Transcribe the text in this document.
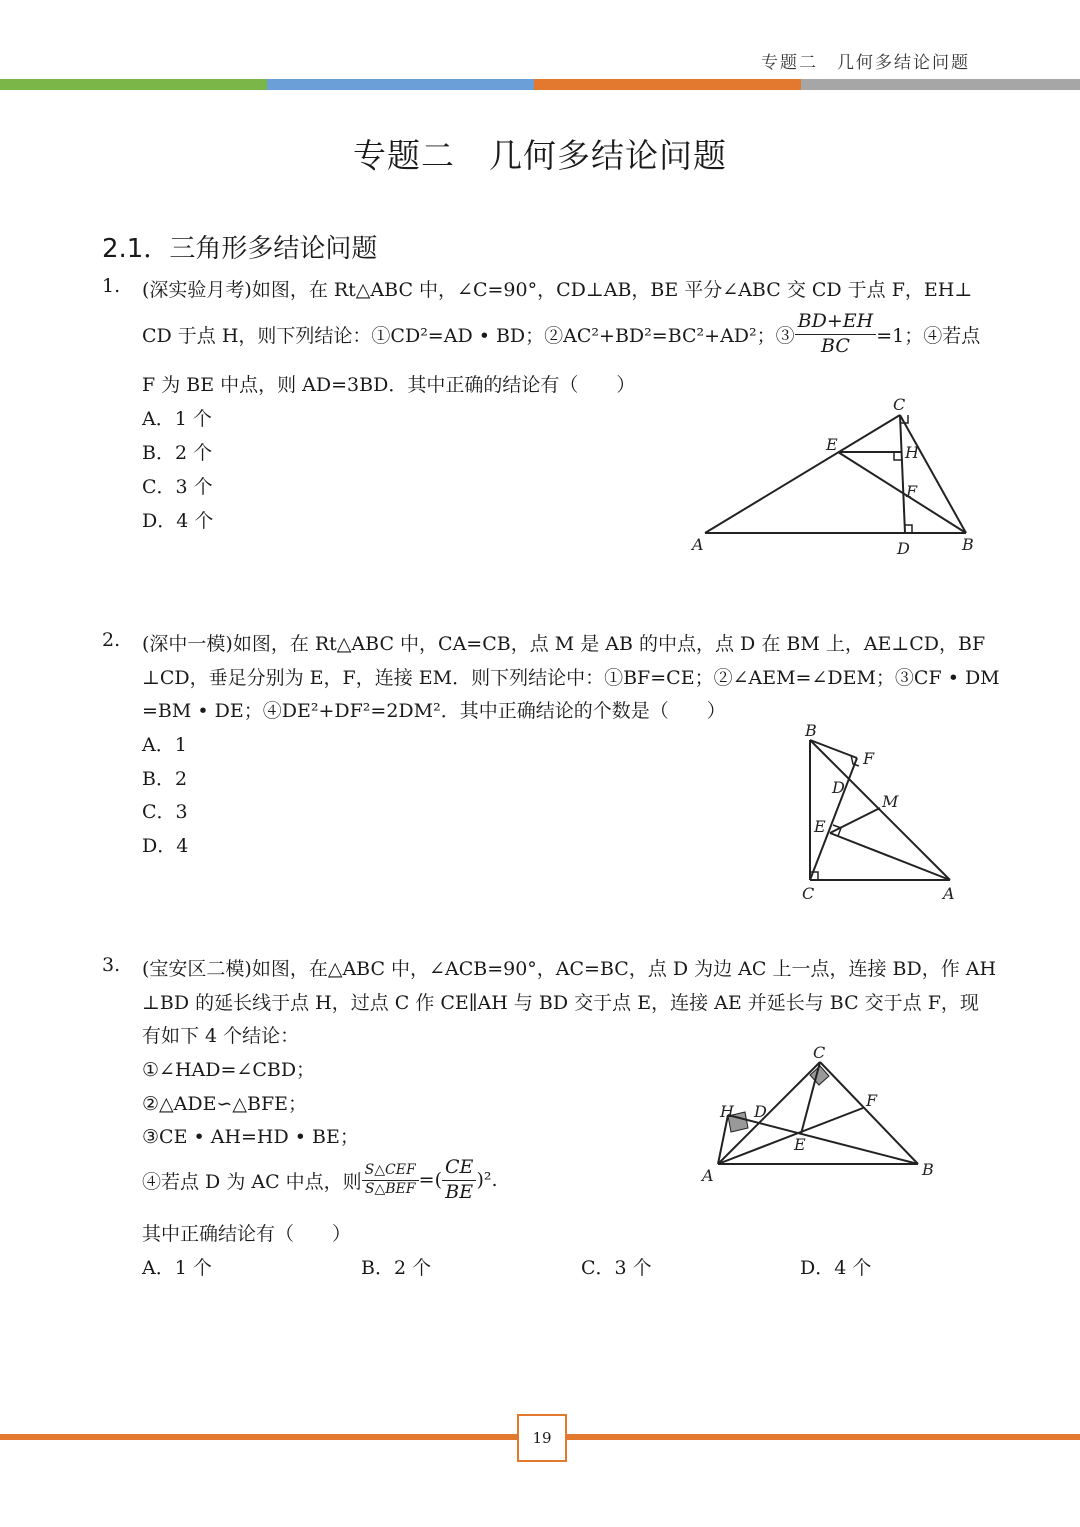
专题二　几何多结论问题
专题二　几何多结论问题
2.1．三角形多结论问题
1. (深实验月考)如图，在 Rt△ABC 中，∠C=90°，CD⊥AB，BE 平分∠ABC 交 CD 于点 F，EH⊥
CD 于点 H，则下列结论：①CD²=AD • BD；②AC²+BD²=BC²+AD²；③ $\frac{BD+EH}{BC} =1$；④若点
F 为 BE 中点，则 AD=3BD．其中正确的结论有（　　）
A．1 个
B．2 个
C．3 个
D．4 个
A	B
C
D
E
F
H
2. (深中一模)如图，在 Rt△ABC 中，CA=CB，点 M 是 AB 的中点，点 D 在 BM 上，AE⊥CD，BF
⊥CD，垂足分别为 E，F，连接 EM．则下列结论中：①BF=CE；②∠AEM=∠DEM；③CF • DM
=BM • DE；④DE²+DF²=2DM²．其中正确结论的个数是（　　）
A．1
B．2
C．3
D．4
B
F
D
M
E
C	A
3. (宝安区二模)如图，在△ABC 中，∠ACB=90°，AC=BC，点 D 为边 AC 上一点，连接 BD，作 AH
⊥BD 的延长线于点 H，过点 C 作 CE∥AH 与 BD 交于点 E，连接 AE 并延长与 BC 交于点 F，现
有如下 4 个结论：
①∠HAD=∠CBD；
②△ADE∽△BFE；
③CE • AH=HD • BE；
④若点 D 为 AC 中点，则 $\frac{\text{S△CEF}}{\text{S△BEF}}$ =( $\frac{CE}{BE} )^2$.
其中正确结论有（　　）
A．1 个	B．2 个	C．3 个	D．4 个
C
H D
F
E
A	B
19
